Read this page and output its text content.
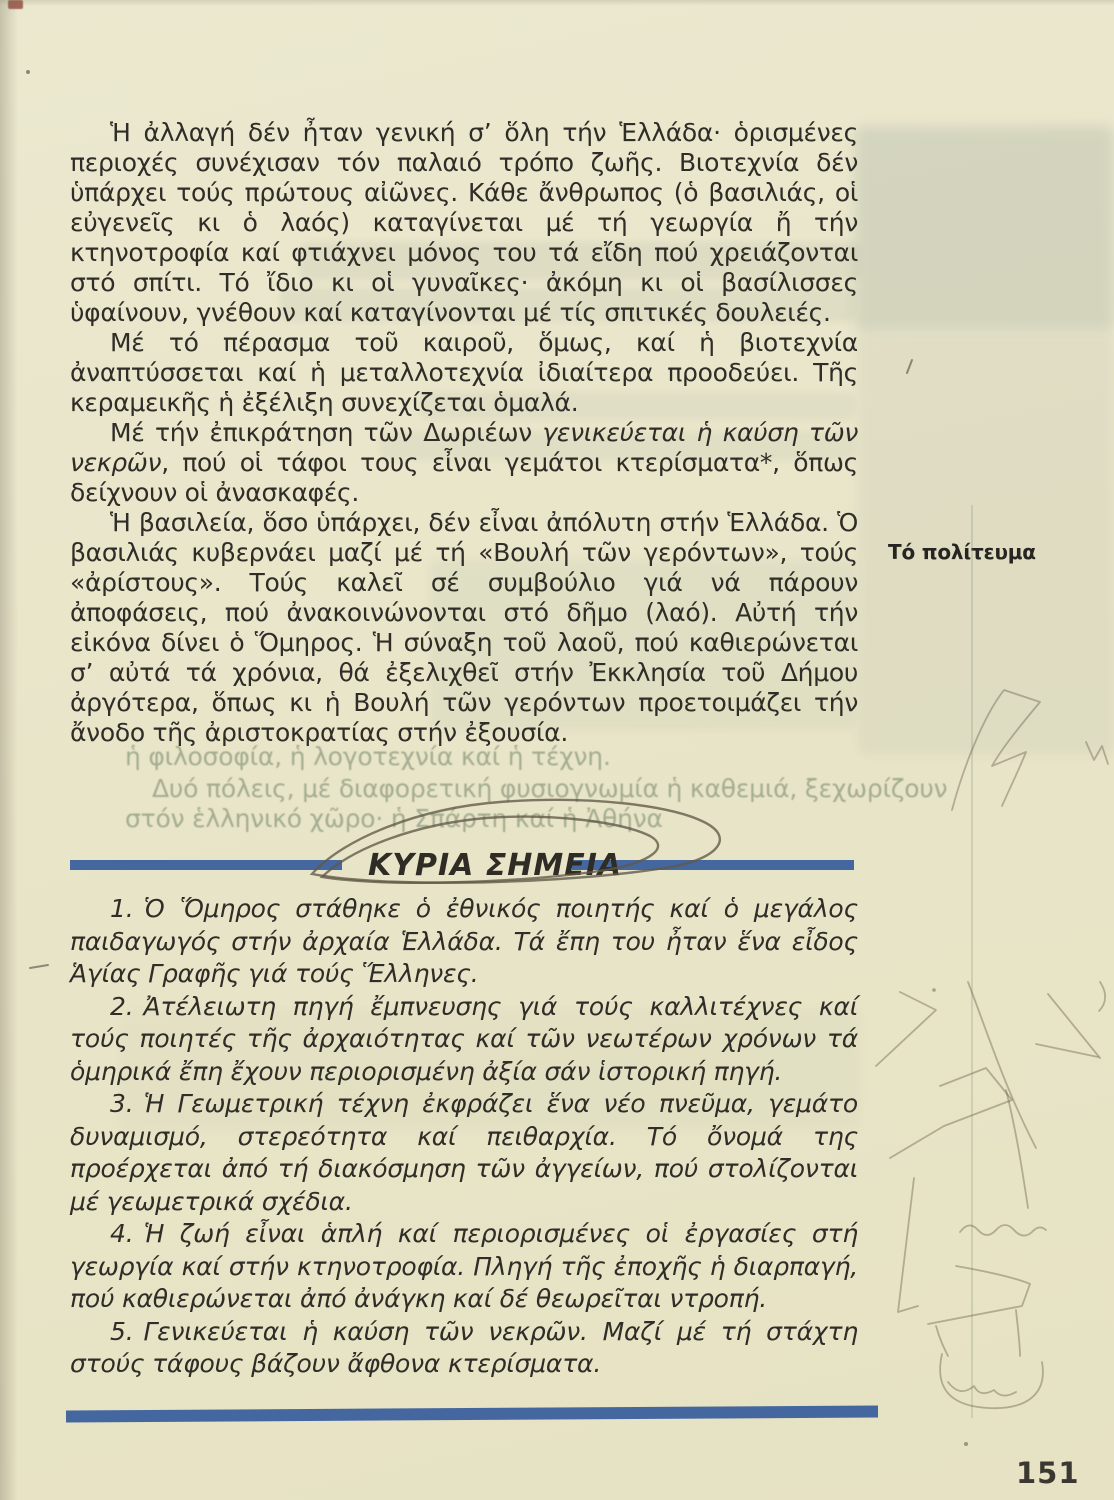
ἡ φιλοσοφία, ἡ λογοτεχνία καί ἡ τέχνη.
Δυό πόλεις, μέ διαφορετική φυσιογνωμία ἡ καθεμιά, ξεχωρίζουν
στόν ἑλληνικό χῶρο· ἡ Σπάρτη καί ἡ Ἀθήνα

Ἡ ἀλλαγή δέν ἦταν γενική σ’ ὅλη τήν Ἑλλάδα· ὁρισμένες περιοχές συνέχισαν τόν παλαιό τρόπο ζωῆς. Βιοτεχνία δέν ὑπάρχει τούς πρώτους αἰῶνες. Κάθε ἄνθρωπος (ὁ βασιλιάς, οἱ εὐγενεῖς κι ὁ λαός) καταγίνεται μέ τή γεωργία ἤ τήν κτηνοτροφία καί φτιάχνει μόνος του τά εἴδη πού χρειάζονται στό σπίτι. Τό ἴδιο κι οἱ γυναῖκες· ἀκόμη κι οἱ βασίλισσες ὑφαίνουν, γνέθουν καί καταγίνονται μέ τίς σπιτικές δουλειές.

Μέ τό πέρασμα τοῦ καιροῦ, ὅμως, καί ἡ βιοτεχνία ἀναπτύσσεται καί ἡ μεταλλοτεχνία ἰδιαίτερα προοδεύει. Τῆς κεραμεικῆς ἡ ἐξέλιξη συνεχίζεται ὁμαλά.

Μέ τήν ἐπικράτηση τῶν Δωριέων γενικεύεται ἡ καύση τῶν νεκρῶν, πού οἱ τάφοι τους εἶναι γεμάτοι κτερίσματα*, ὅπως δείχνουν οἱ ἀνασκαφές.

Ἡ βασιλεία, ὅσο ὑπάρχει, δέν εἶναι ἀπόλυτη στήν Ἑλλάδα. Ὁ βασιλιάς κυβερνάει μαζί μέ τή «Βουλή τῶν γερόντων», τούς «ἀρίστους». Τούς καλεῖ σέ συμβούλιο γιά νά πάρουν ἀποφάσεις, πού ἀνακοινώνονται στό δῆμο (λαό). Αὐτή τήν εἰκόνα δίνει ὁ Ὅμηρος. Ἡ σύναξη τοῦ λαοῦ, πού καθιερώνεται σ’ αὐτά τά χρόνια, θά ἐξελιχθεῖ στήν Ἐκκλησία τοῦ Δήμου ἀργότερα, ὅπως κι ἡ Βουλή τῶν γερόντων προετοιμάζει τήν ἄνοδο τῆς ἀριστοκρατίας στήν ἐξουσία.

Τό πολίτευμα
ΚΥΡΙΑ ΣΗΜΕΙΑ

1. Ὁ Ὅμηρος στάθηκε ὁ ἐθνικός ποιητής καί ὁ μεγάλος παιδαγωγός στήν ἀρχαία Ἑλλάδα. Τά ἔπη του ἦταν ἕνα εἶδος Ἁγίας Γραφῆς γιά τούς Ἕλληνες.

2. Ἀτέλειωτη πηγή ἔμπνευσης γιά τούς καλλιτέχνες καί τούς ποιητές τῆς ἀρχαιότητας καί τῶν νεωτέρων χρόνων τά ὁμηρικά ἔπη ἔχουν περιορισμένη ἀξία σάν ἱστορική πηγή.

3. Ἡ Γεωμετρική τέχνη ἐκφράζει ἕνα νέο πνεῦμα, γεμάτο δυναμισμό, στερεότητα καί πειθαρχία. Τό ὄνομά της προέρχεται ἀπό τή διακόσμηση τῶν ἀγγείων, πού στολίζονται μέ γεωμετρικά σχέδια.

4. Ἡ ζωή εἶναι ἁπλή καί περιορισμένες οἱ ἐργασίες στή γεωργία καί στήν κτηνοτροφία. Πληγή τῆς ἐποχῆς ἡ διαρπαγή, πού καθιερώνεται ἀπό ἀνάγκη καί δέ θεωρεῖται ντροπή.

5. Γενικεύεται ἡ καύση τῶν νεκρῶν. Μαζί μέ τή στάχτη στούς τάφους βάζουν ἄφθονα κτερίσματα.

151
